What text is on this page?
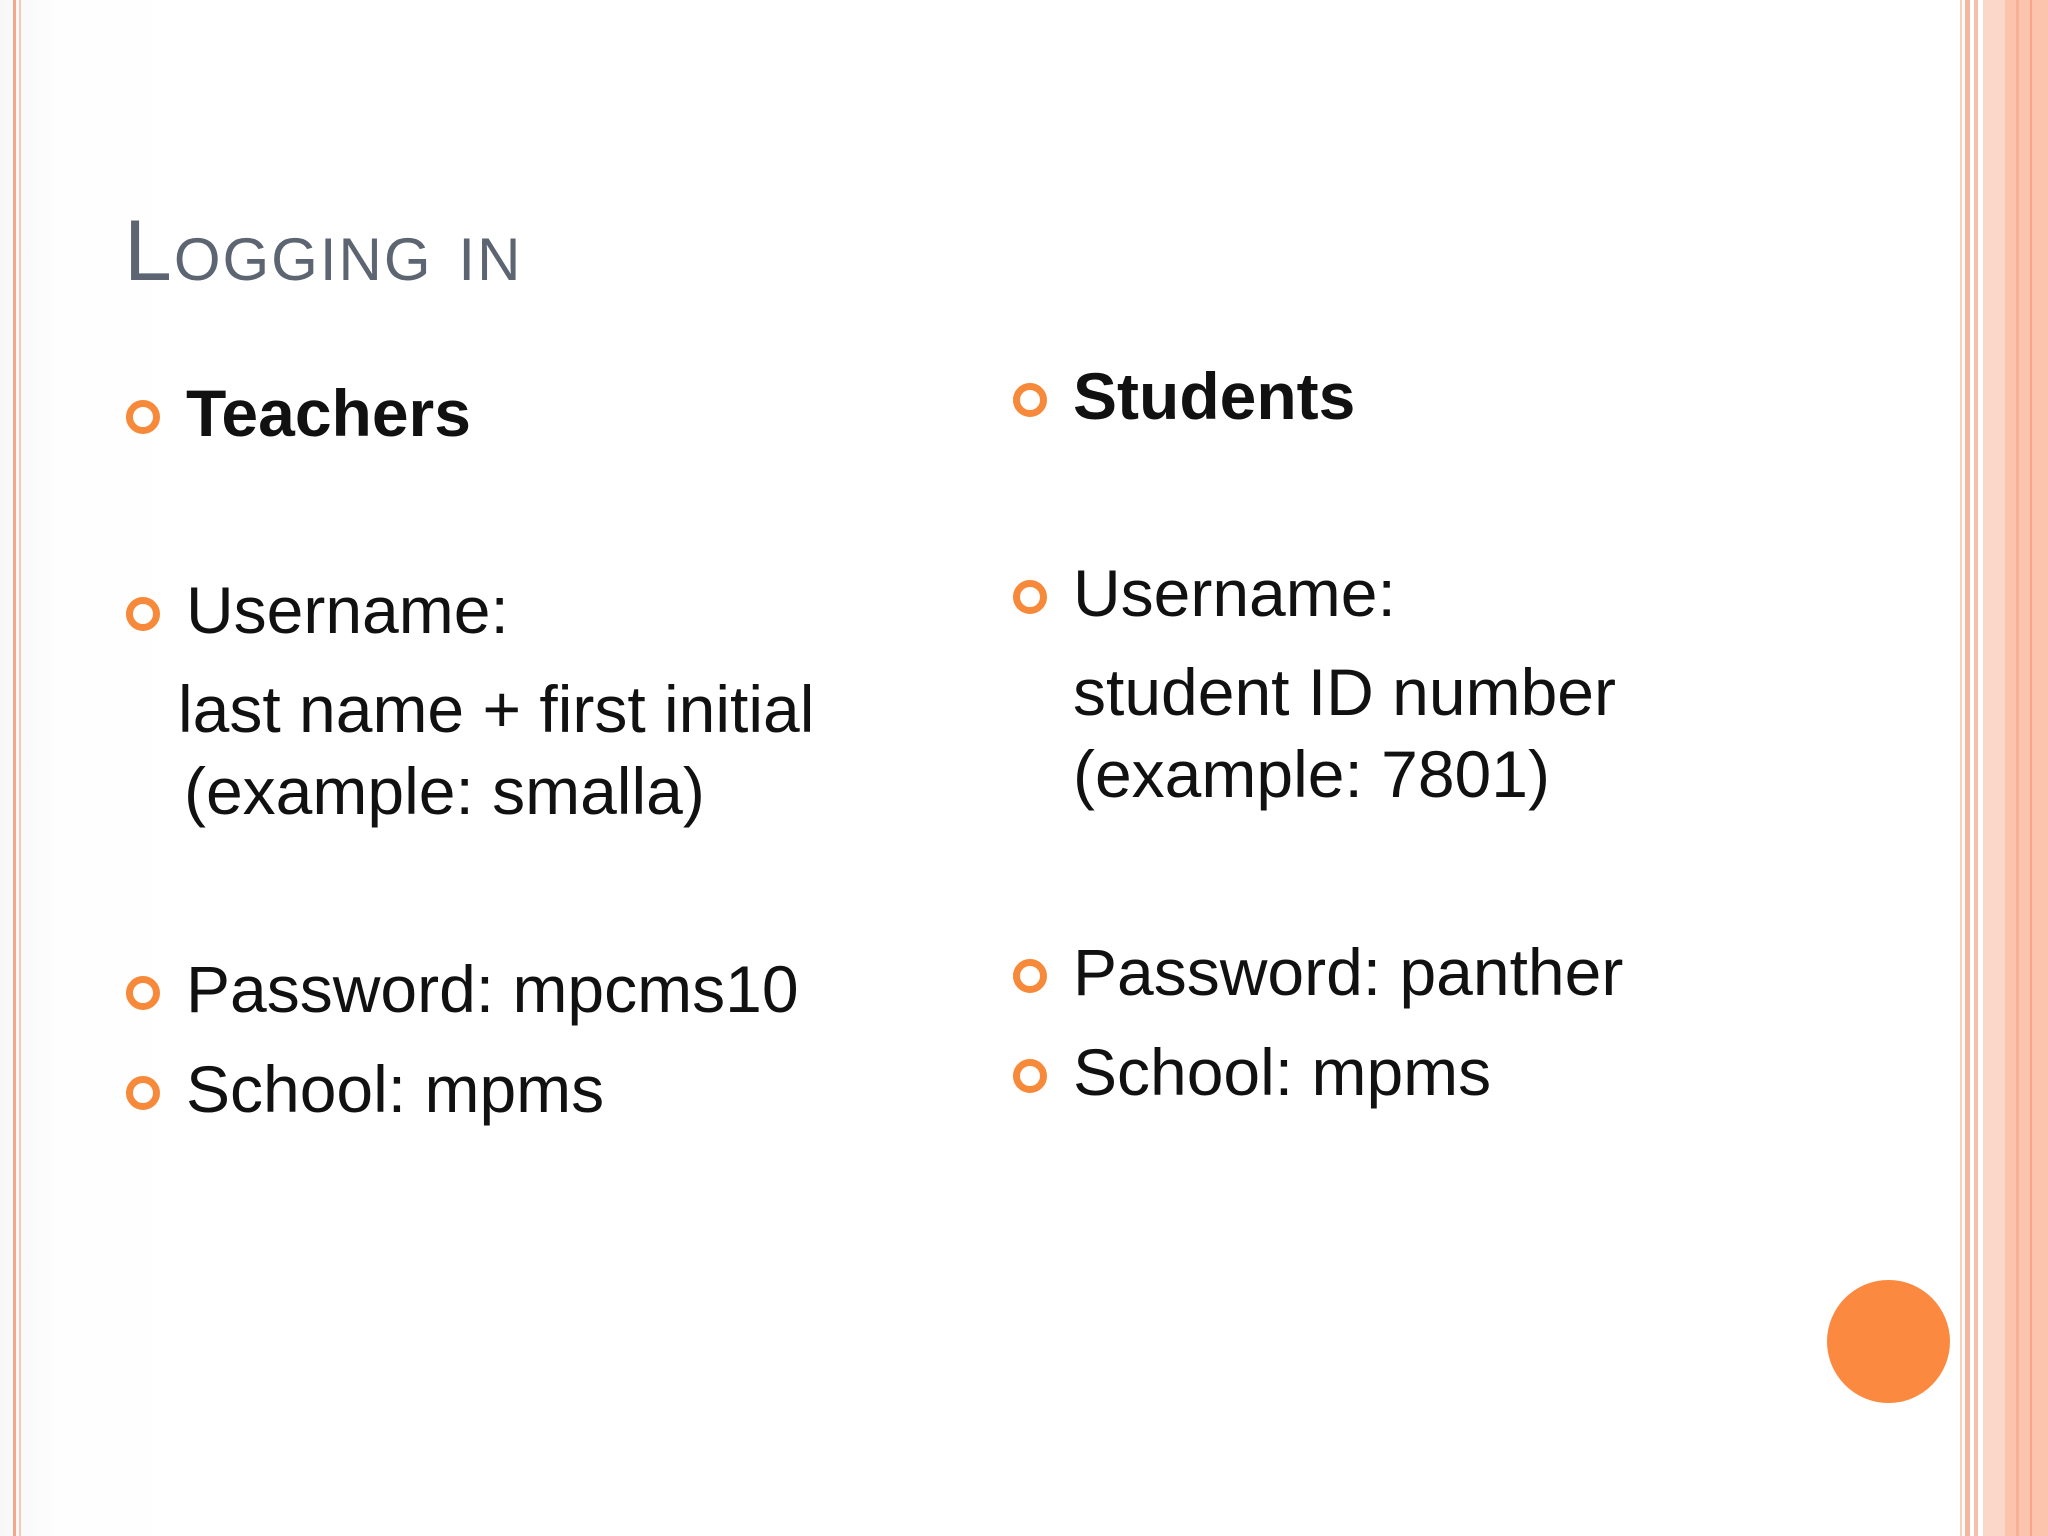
Logging in
Teachers
Username:
last name + first initial
(example: smalla)
Password: mpcms10
School: mpms
Students
Username:
student ID number
(example: 7801)
Password: panther
School: mpms
